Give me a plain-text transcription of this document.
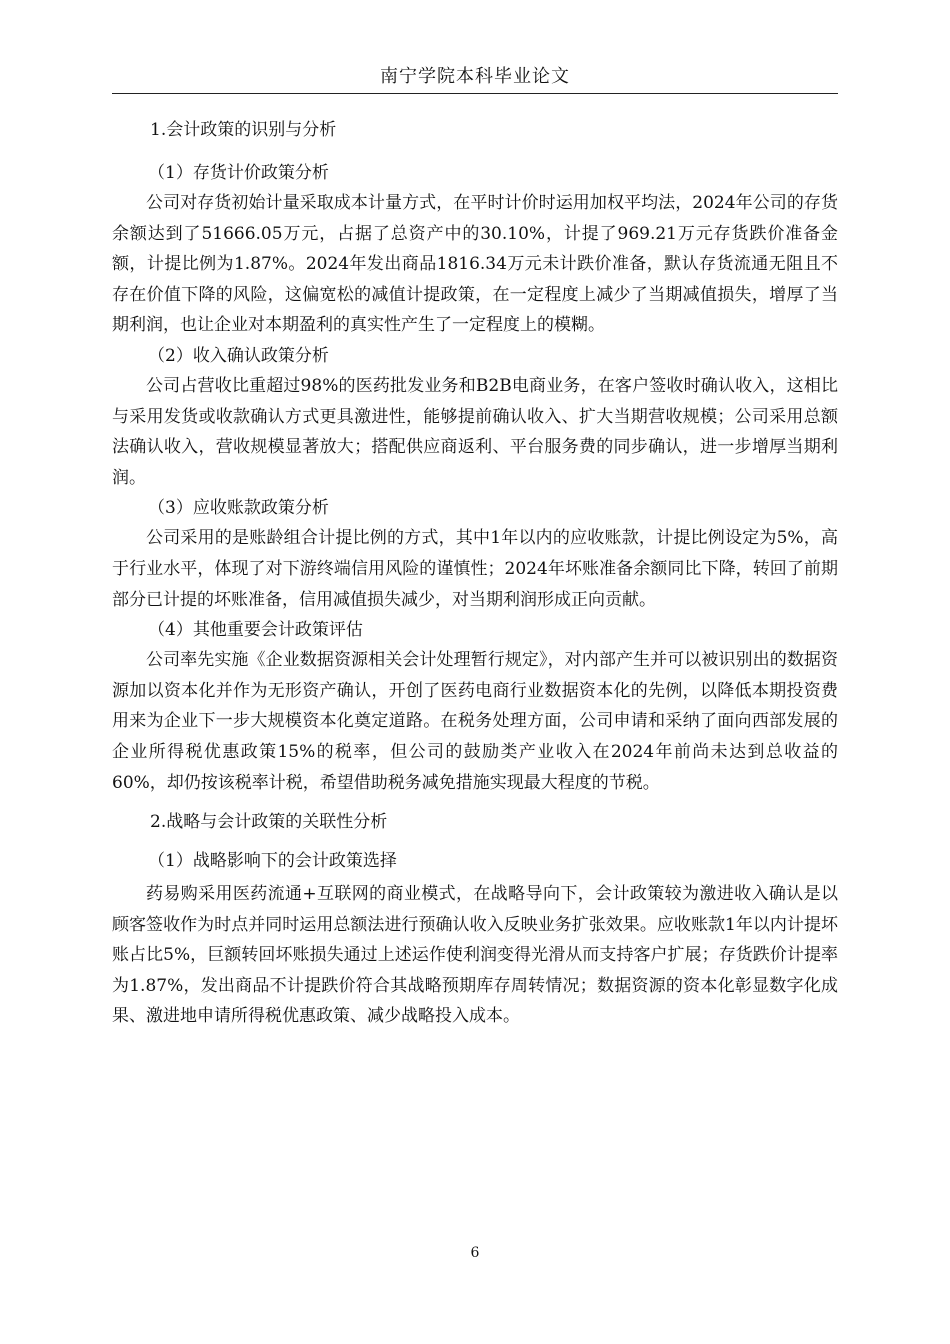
南宁学院本科毕业论文

1.会计政策的识别与分析

（1）存货计价政策分析

公司对存货初始计量采取成本计量方式，在平时计价时运用加权平均法，2024年公司的存货余额达到了51666.05万元，占据了总资产中的30.10%，计提了969.21万元存货跌价准备金额，计提比例为1.87%。2024年发出商品1816.34万元未计跌价准备，默认存货流通无阻且不存在价值下降的风险，这偏宽松的减值计提政策，在一定程度上减少了当期减值损失，增厚了当期利润，也让企业对本期盈利的真实性产生了一定程度上的模糊。

（2）收入确认政策分析

公司占营收比重超过98%的医药批发业务和B2B电商业务，在客户签收时确认收入，这相比与采用发货或收款确认方式更具激进性，能够提前确认收入、扩大当期营收规模；公司采用总额法确认收入，营收规模显著放大；搭配供应商返利、平台服务费的同步确认，进一步增厚当期利润。

（3）应收账款政策分析

公司采用的是账龄组合计提比例的方式，其中1年以内的应收账款，计提比例设定为5%，高于行业水平，体现了对下游终端信用风险的谨慎性；2024年坏账准备余额同比下降，转回了前期部分已计提的坏账准备，信用减值损失减少，对当期利润形成正向贡献。

（4）其他重要会计政策评估

公司率先实施《企业数据资源相关会计处理暂行规定》，对内部产生并可以被识别出的数据资源加以资本化并作为无形资产确认，开创了医药电商行业数据资本化的先例，以降低本期投资费用来为企业下一步大规模资本化奠定道路。在税务处理方面，公司申请和采纳了面向西部发展的企业所得税优惠政策15%的税率，但公司的鼓励类产业收入在2024年前尚未达到总收益的60%，却仍按该税率计税，希望借助税务减免措施实现最大程度的节税。

2.战略与会计政策的关联性分析

（1）战略影响下的会计政策选择

药易购采用医药流通+互联网的商业模式，在战略导向下，会计政策较为激进收入确认是以顾客签收作为时点并同时运用总额法进行预确认收入反映业务扩张效果。应收账款1年以内计提坏账占比5%，巨额转回坏账损失通过上述运作使利润变得光滑从而支持客户扩展；存货跌价计提率为1.87%，发出商品不计提跌价符合其战略预期库存周转情况；数据资源的资本化彰显数字化成果、激进地申请所得税优惠政策、减少战略投入成本。

6
